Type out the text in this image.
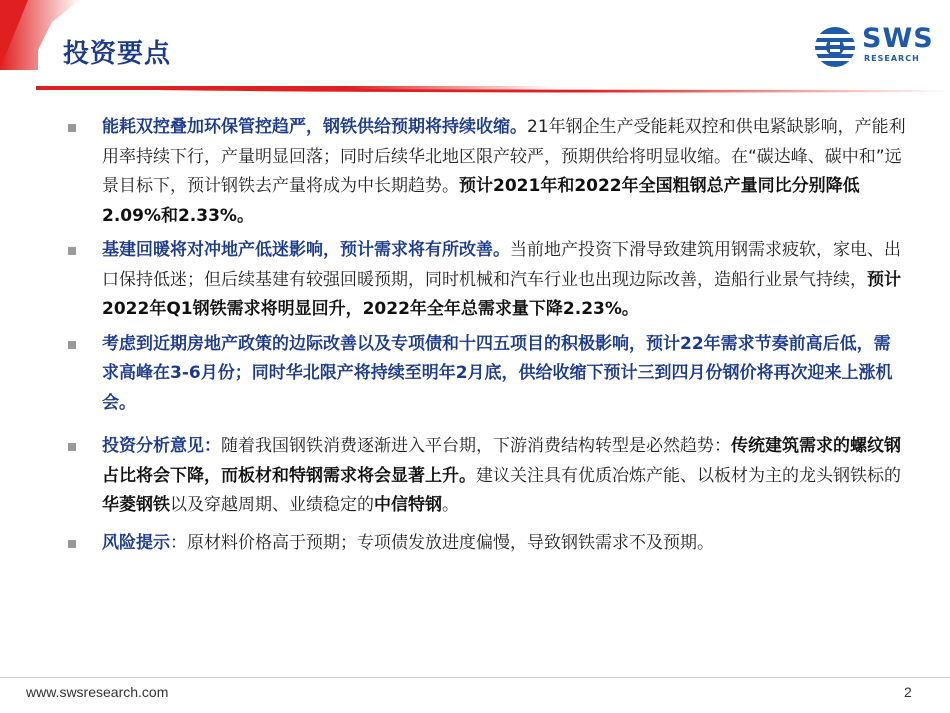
投资要点	SWS
RESEARCH
能耗双控叠加环保管控趋严，钢铁供给预期将持续收缩。21年钢企生产受能耗双控和供电紧缺影响，产能利用率持续下行，产量明显回落；同时后续华北地区限产较严，预期供给将明显收缩。在“碳达峰、碳中和”远景目标下，预计钢铁去产量将成为中长期趋势。预计2021年和2022年全国粗钢总产量同比分别降低2.09%和2.33%。
基建回暖将对冲地产低迷影响，预计需求将有所改善。当前地产投资下滑导致建筑用钢需求疲软，家电、出口保持低迷；但后续基建有较强回暖预期，同时机械和汽车行业也出现边际改善，造船行业景气持续，预计2022年Q1钢铁需求将明显回升，2022年全年总需求量下降2.23%。
考虑到近期房地产政策的边际改善以及专项债和十四五项目的积极影响，预计22年需求节奏前高后低，需求高峰在3-6月份；同时华北限产将持续至明年2月底，供给收缩下预计三到四月份钢价将再次迎来上涨机会。
投资分析意见：随着我国钢铁消费逐渐进入平台期，下游消费结构转型是必然趋势：传统建筑需求的螺纹钢占比将会下降，而板材和特钢需求将会显著上升。建议关注具有优质冶炼产能、以板材为主的龙头钢铁标的华菱钢铁以及穿越周期、业绩稳定的中信特钢。
风险提示：原材料价格高于预期；专项债发放进度偏慢，导致钢铁需求不及预期。
www.swsresearch.com	2
